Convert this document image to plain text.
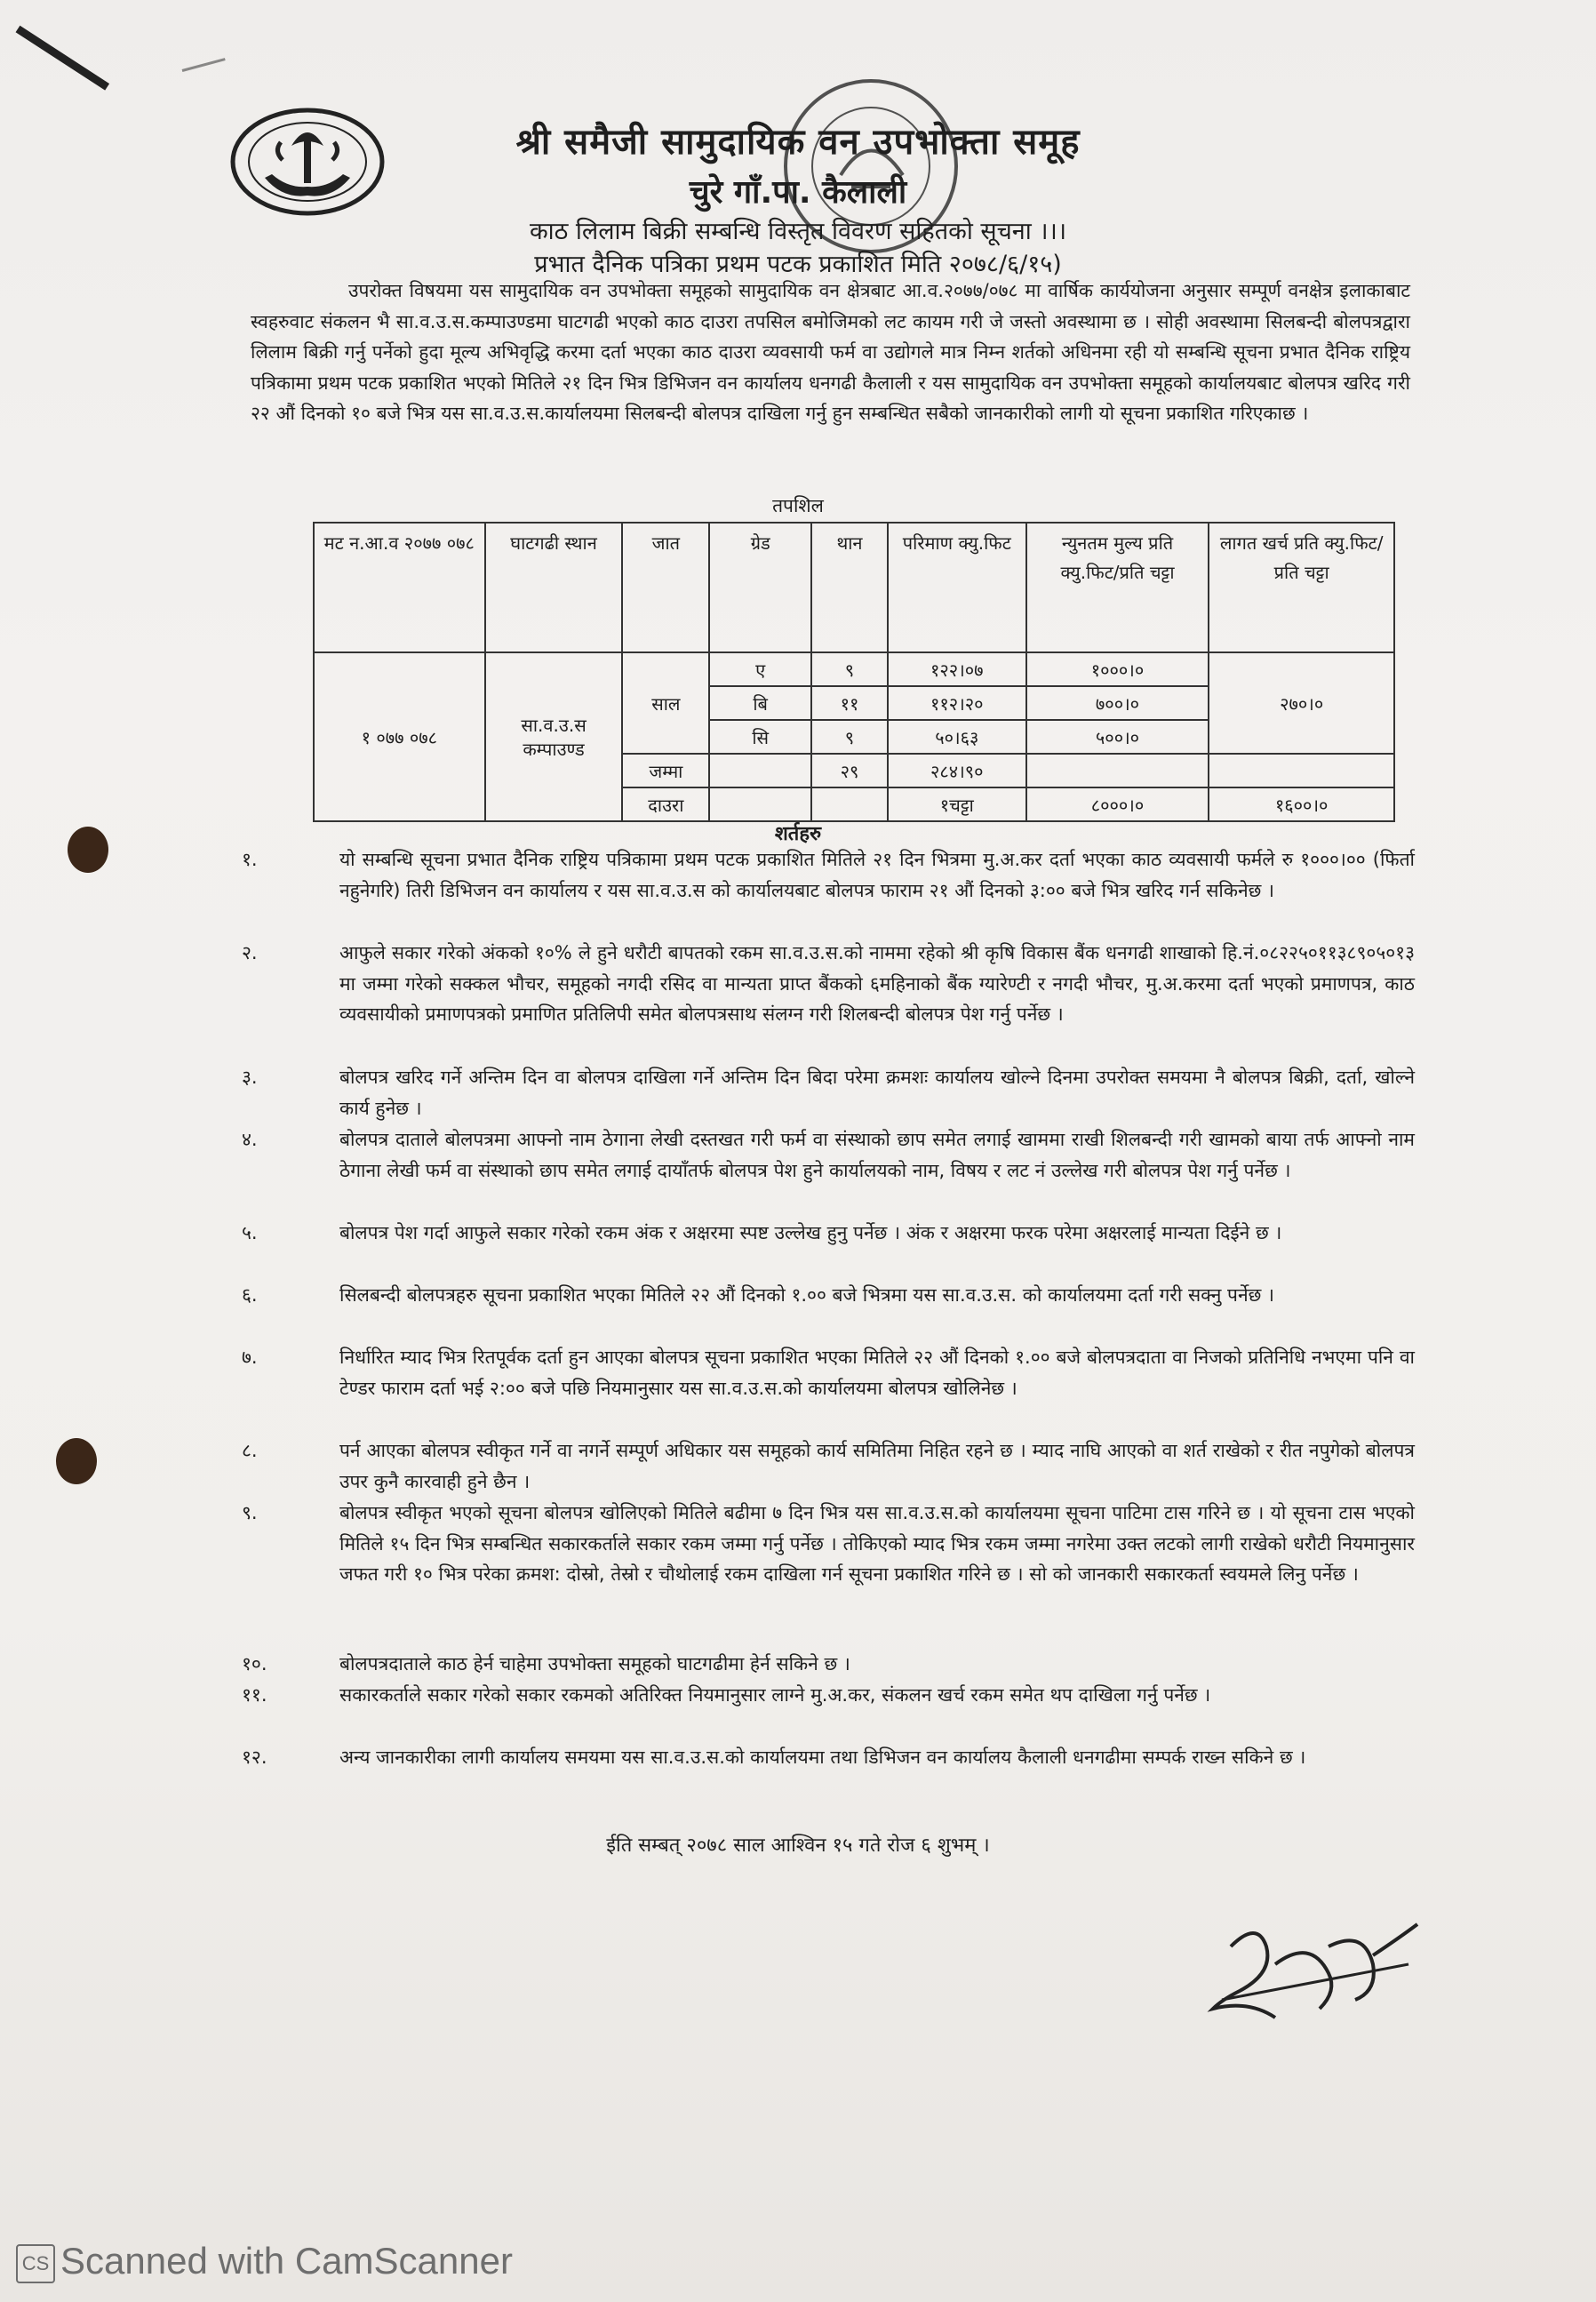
श्री समैजी सामुदायिक वन उपभोक्ता समूह
चुरे गाँ.पा. कैलाली
काठ लिलाम बिक्री सम्बन्धि विस्तृत विवरण सहितको सूचना ।।।
प्रभात दैनिक पत्रिका प्रथम पटक प्रकाशित मिति २०७८/६/१५)
उपरोक्त विषयमा यस सामुदायिक वन उपभोक्ता समूहको सामुदायिक वन क्षेत्रबाट आ.व.२०७७/०७८ मा वार्षिक कार्ययोजना अनुसार सम्पूर्ण वनक्षेत्र इलाकाबाट स्वहरुवाट संकलन भै सा.व.उ.स.कम्पाउण्डमा घाटगढी भएको काठ दाउरा तपसिल बमोजिमको लट कायम गरी जे जस्तो अवस्थामा छ । सोही अवस्थामा सिलबन्दी बोलपत्रद्वारा लिलाम बिक्री गर्नु पर्नेको हुदा मूल्य अभिवृद्धि करमा दर्ता भएका काठ दाउरा व्यवसायी फर्म वा उद्योगले मात्र निम्न शर्तको अधिनमा रही यो सम्बन्धि सूचना प्रभात दैनिक राष्ट्रिय पत्रिकामा प्रथम पटक प्रकाशित भएको मितिले २१ दिन भित्र डिभिजन वन कार्यालय धनगढी कैलाली र यस सामुदायिक वन उपभोक्ता समूहको कार्यालयबाट बोलपत्र खरिद गरी २२ औं दिनको १० बजे भित्र यस सा.व.उ.स.कार्यालयमा सिलबन्दी बोलपत्र दाखिला गर्नु हुन सम्बन्धित सबैको जानकारीको लागी यो सूचना प्रकाशित गरिएकाछ ।
तपशिल
मट न.आ.व २०७७ ०७८	घाटगढी स्थान	जात	ग्रेड	थान	परिमाण क्यु.फिट	न्युनतम मुल्य प्रति क्यु.फिट/प्रति चट्टा	लागत खर्च प्रति क्यु.फिट/प्रति चट्टा
१ ०७७ ०७८	सा.व.उ.स कम्पाउण्ड	साल	ए	९	१२२।०७	१०००।०	२७०।०
			बि	११	११२।२०	७००।०	
			सि	९	५०।६३	५००।०	
		जम्मा		२९	२८४।९०		
		दाउरा			१चट्टा	८०००।०	१६००।०
शर्तहरु
१.	यो सम्बन्धि सूचना प्रभात दैनिक राष्ट्रिय पत्रिकामा प्रथम पटक प्रकाशित मितिले २१ दिन भित्रमा मु.अ.कर दर्ता भएका काठ व्यवसायी फर्मले रु १०००।०० (फिर्ता नहुनेगरि) तिरी डिभिजन वन कार्यालय र यस सा.व.उ.स को कार्यालयबाट बोलपत्र फाराम २१ औं दिनको ३:०० बजे भित्र खरिद गर्न सकिनेछ ।
२.	आफुले सकार गरेको अंकको १०% ले हुने धरौटी बापतको रकम सा.व.उ.स.को नाममा रहेको श्री कृषि विकास बैंक धनगढी शाखाको हि.नं.०८२२५०११३८९०५०१३ मा जम्मा गरेको सक्कल भौचर, समूहको नगदी रसिद वा मान्यता प्राप्त बैंकको ६महिनाको बैंक ग्यारेण्टी र नगदी भौचर, मु.अ.करमा दर्ता भएको प्रमाणपत्र, काठ व्यवसायीको प्रमाणपत्रको प्रमाणित प्रतिलिपी समेत बोलपत्रसाथ संलग्न गरी शिलबन्दी बोलपत्र पेश गर्नु पर्नेछ ।
३.	बोलपत्र खरिद गर्ने अन्तिम दिन वा बोलपत्र दाखिला गर्ने अन्तिम दिन बिदा परेमा क्रमशः कार्यालय खोल्ने दिनमा उपरोक्त समयमा नै बोलपत्र बिक्री, दर्ता, खोल्ने कार्य हुनेछ ।
४.	बोलपत्र दाताले बोलपत्रमा आफ्नो नाम ठेगाना लेखी दस्तखत गरी फर्म वा संस्थाको छाप समेत लगाई खाममा राखी शिलबन्दी गरी खामको बाया तर्फ आफ्नो नाम ठेगाना लेखी फर्म वा संस्थाको छाप समेत लगाई दायाँतर्फ बोलपत्र पेश हुने कार्यालयको नाम, विषय र लट नं उल्लेख गरी बोलपत्र पेश गर्नु पर्नेछ ।
५.	बोलपत्र पेश गर्दा आफुले सकार गरेको रकम अंक र अक्षरमा स्पष्ट उल्लेख हुनु पर्नेछ । अंक र अक्षरमा फरक परेमा अक्षरलाई मान्यता दिईने छ ।
६.	सिलबन्दी बोलपत्रहरु सूचना प्रकाशित भएका मितिले २२ औं दिनको १.०० बजे भित्रमा यस सा.व.उ.स. को कार्यालयमा दर्ता गरी सक्नु पर्नेछ ।
७.	निर्धारित म्याद भित्र रितपूर्वक दर्ता हुन आएका बोलपत्र सूचना प्रकाशित भएका मितिले २२ औं दिनको १.०० बजे बोलपत्रदाता वा निजको प्रतिनिधि नभएमा पनि वा टेण्डर फाराम दर्ता भई २:०० बजे पछि नियमानुसार यस सा.व.उ.स.को कार्यालयमा बोलपत्र खोलिनेछ ।
८.	पर्न आएका बोलपत्र स्वीकृत गर्ने वा नगर्ने सम्पूर्ण अधिकार यस समूहको कार्य समितिमा निहित रहने छ । म्याद नाघि आएको वा शर्त राखेको र रीत नपुगेको बोलपत्र उपर कुनै कारवाही हुने छैन ।
९.	बोलपत्र स्वीकृत भएको सूचना बोलपत्र खोलिएको मितिले बढीमा ७ दिन भित्र यस सा.व.उ.स.को कार्यालयमा सूचना पाटिमा टास गरिने छ । यो सूचना टास भएको मितिले १५ दिन भित्र सम्बन्धित सकारकर्ताले सकार रकम जम्मा गर्नु पर्नेछ । तोकिएको म्याद भित्र रकम जम्मा नगरेमा उक्त लटको लागी राखेको धरौटी नियमानुसार जफत गरी १० भित्र परेका क्रमश: दोस्रो, तेस्रो र चौथोलाई रकम दाखिला गर्न सूचना प्रकाशित गरिने छ । सो को जानकारी सकारकर्ता स्वयमले लिनु पर्नेछ ।
१०.	बोलपत्रदाताले काठ हेर्न चाहेमा उपभोक्ता समूहको घाटगढीमा हेर्न सकिने छ ।
११.	सकारकर्ताले सकार गरेको सकार रकमको अतिरिक्त नियमानुसार लाग्ने मु.अ.कर, संकलन खर्च रकम समेत थप दाखिला गर्नु पर्नेछ ।
१२.	अन्य जानकारीका लागी कार्यालय समयमा यस सा.व.उ.स.को कार्यालयमा तथा डिभिजन वन कार्यालय कैलाली धनगढीमा सम्पर्क राख्न सकिने छ ।
ईति सम्बत् २०७८ साल आश्विन १५ गते रोज ६ शुभम् ।
CS Scanned with CamScanner
